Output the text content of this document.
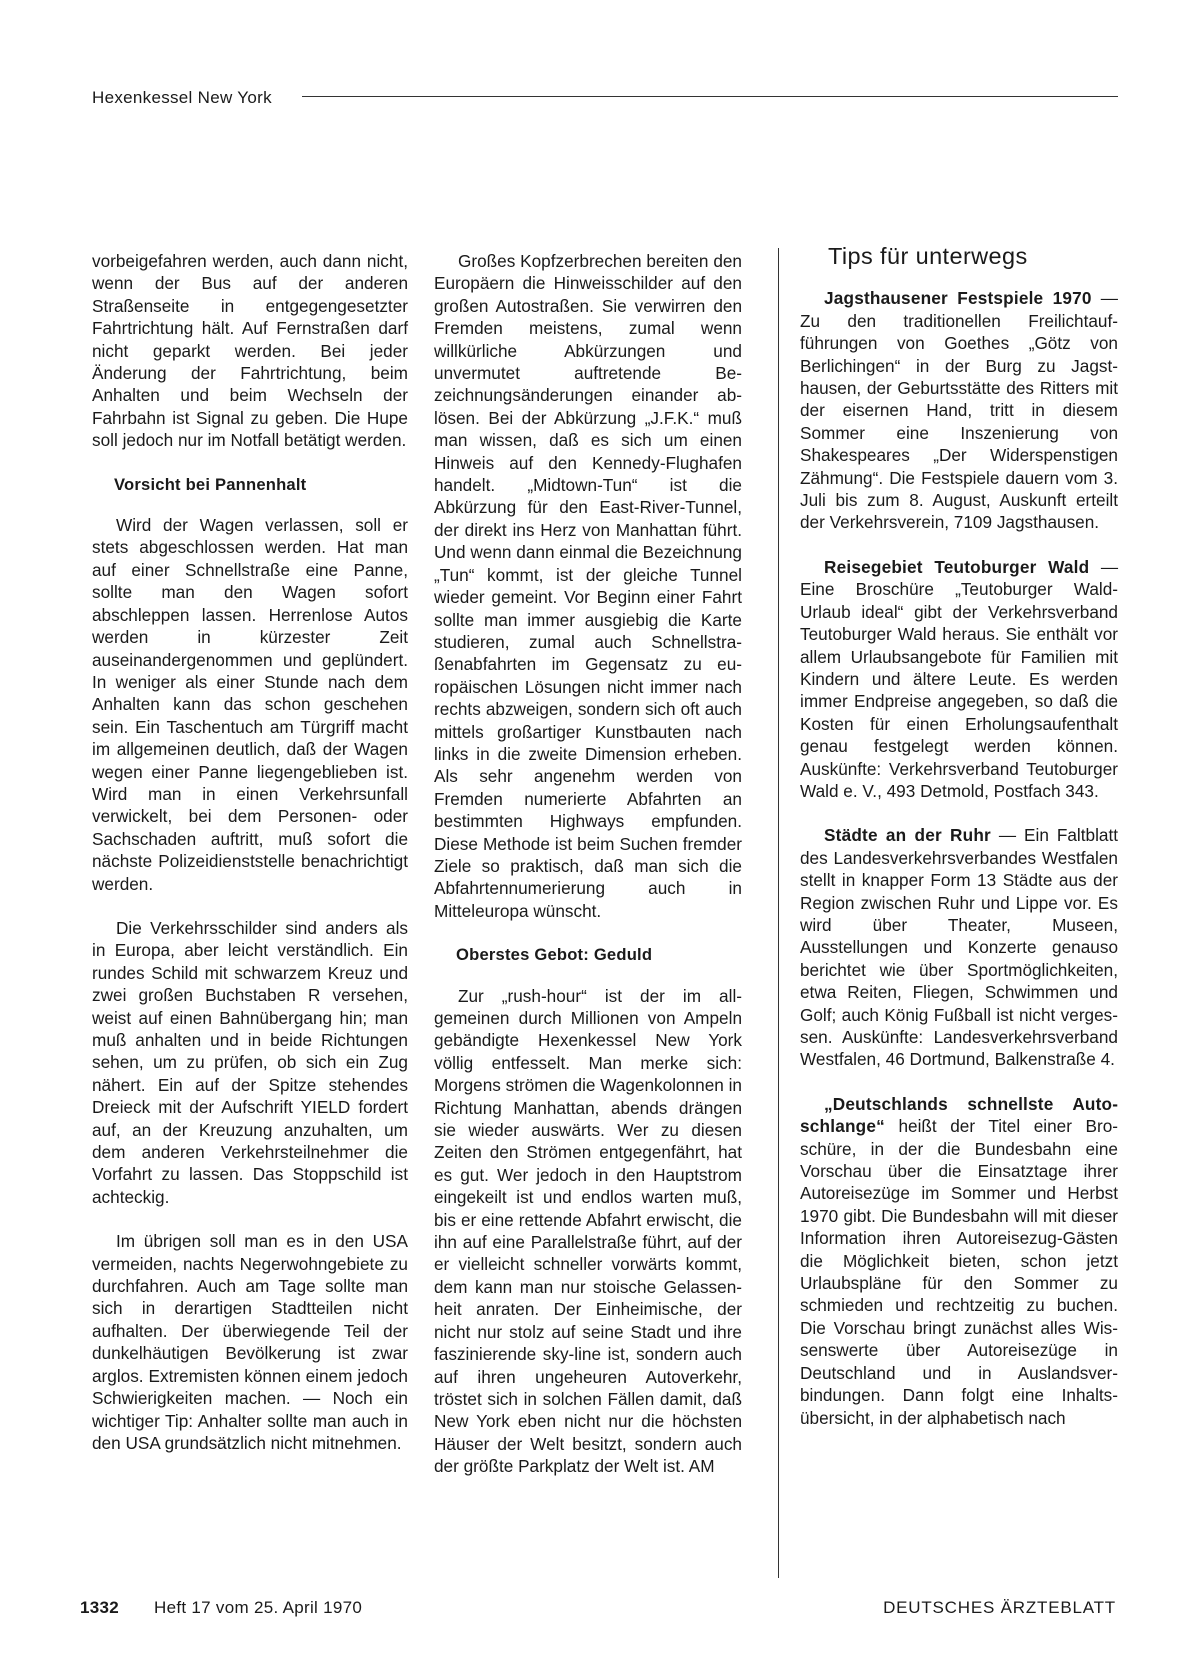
Hexenkessel New York

vorbeigefahren werden, auch dann nicht, wenn der Bus auf der anderen Straßenseite in entgegengesetzter Fahrtrichtung hält. Auf Fernstraßen darf nicht geparkt werden. Bei jeder Änderung der Fahrtrichtung, beim Anhalten und beim Wechseln der Fahrbahn ist Signal zu geben. Die Hupe soll jedoch nur im Notfall betätigt werden.

Vorsicht bei Pannenhalt

Wird der Wagen verlassen, soll er stets abgeschlossen werden. Hat man auf einer Schnellstraße eine Panne, sollte man den Wagen sofort abschleppen lassen. Herrenlose Autos werden in kürzester Zeit auseinandergenommen und geplündert. In weniger als einer Stunde nach dem Anhalten kann das schon geschehen sein. Ein Taschentuch am Türgriff macht im allgemeinen deutlich, daß der Wagen wegen einer Panne liegengeblieben ist. Wird man in einen Verkehrsunfall verwickelt, bei dem Personen- oder Sachschaden auftritt, muß sofort die nächste Polizeidienststelle benachrichtigt werden.

Die Verkehrsschilder sind anders als in Europa, aber leicht verständlich. Ein rundes Schild mit schwarzem Kreuz und zwei großen Buchstaben R versehen, weist auf einen Bahnübergang hin; man muß anhalten und in beide Richtungen sehen, um zu prüfen, ob sich ein Zug nähert. Ein auf der Spitze stehendes Dreieck mit der Aufschrift YIELD fordert auf, an der Kreuzung anzuhalten, um dem anderen Verkehrsteilnehmer die Vorfahrt zu lassen. Das Stoppschild ist achteckig.

Im übrigen soll man es in den USA vermeiden, nachts Negerwohngebiete zu durchfahren. Auch am Tage sollte man sich in derartigen Stadtteilen nicht aufhalten. Der überwiegende Teil der dunkelhäutigen Bevölkerung ist zwar arglos. Extremisten können einem jedoch Schwierigkeiten machen. — Noch ein wichtiger Tip: Anhalter sollte man auch in den USA grundsätzlich nicht mitnehmen.

Großes Kopfzerbrechen bereiten den Europäern die Hinweisschilder auf den großen Autostraßen. Sie verwirren den Fremden meistens, zumal wenn willkürliche Abkürzungen und unvermutet auftretende Bezeichnungsänderungen einander ablösen. Bei der Abkürzung „J.F.K.“ muß man wissen, daß es sich um einen Hinweis auf den Kennedy-Flughafen handelt. „Midtown-Tun“ ist die Abkürzung für den East-River-Tunnel, der direkt ins Herz von Manhattan führt. Und wenn dann einmal die Bezeichnung „Tun“ kommt, ist der gleiche Tunnel wieder gemeint. Vor Beginn einer Fahrt sollte man immer ausgiebig die Karte studieren, zumal auch Schnellstraßenabfahrten im Gegensatz zu europäischen Lösungen nicht immer nach rechts abzweigen, sondern sich oft auch mittels großartiger Kunstbauten nach links in die zweite Dimension erheben. Als sehr angenehm werden von Fremden numerierte Abfahrten an bestimmten Highways empfunden. Diese Methode ist beim Suchen fremder Ziele so praktisch, daß man sich die Abfahrtennumerierung auch in Mitteleuropa wünscht.

Oberstes Gebot: Geduld

Zur „rush-hour“ ist der im allgemeinen durch Millionen von Ampeln gebändigte Hexenkessel New York völlig entfesselt. Man merke sich: Morgens strömen die Wagenkolonnen in Richtung Manhattan, abends drängen sie wieder auswärts. Wer zu diesen Zeiten den Strömen entgegenfährt, hat es gut. Wer jedoch in den Hauptstrom eingekeilt ist und endlos warten muß, bis er eine rettende Abfahrt erwischt, die ihn auf eine Parallelstraße führt, auf der er vielleicht schneller vorwärts kommt, dem kann man nur stoische Gelassenheit anraten. Der Einheimische, der nicht nur stolz auf seine Stadt und ihre faszinierende sky-line ist, sondern auch auf ihren ungeheuren Autoverkehr, tröstet sich in solchen Fällen damit, daß New York eben nicht nur die höchsten Häuser der Welt besitzt, sondern auch der größte Parkplatz der Welt ist. AM

Tips für unterwegs

Jagsthausener Festspiele 1970 — Zu den traditionellen Freilichtaufführungen von Goethes „Götz von Berlichingen“ in der Burg zu Jagsthausen, der Geburtsstätte des Ritters mit der eisernen Hand, tritt in diesem Sommer eine Inszenierung von Shakespeares „Der Widerspenstigen Zähmung“. Die Festspiele dauern vom 3. Juli bis zum 8. August, Auskunft erteilt der Verkehrsverein, 7109 Jagsthausen.

Reisegebiet Teutoburger Wald — Eine Broschüre „Teutoburger Wald-Urlaub ideal“ gibt der Verkehrsverband Teutoburger Wald heraus. Sie enthält vor allem Urlaubsangebote für Familien mit Kindern und ältere Leute. Es werden immer Endpreise angegeben, so daß die Kosten für einen Erholungsaufenthalt genau festgelegt werden können. Auskünfte: Verkehrsverband Teutoburger Wald e. V., 493 Detmold, Postfach 343.

Städte an der Ruhr — Ein Faltblatt des Landesverkehrsverbandes Westfalen stellt in knapper Form 13 Städte aus der Region zwischen Ruhr und Lippe vor. Es wird über Theater, Museen, Ausstellungen und Konzerte genauso berichtet wie über Sportmöglichkeiten, etwa Reiten, Fliegen, Schwimmen und Golf; auch König Fußball ist nicht vergessen. Auskünfte: Landesverkehrsverband Westfalen, 46 Dortmund, Balkenstraße 4.

„Deutschlands schnellste Autoschlange“ heißt der Titel einer Broschüre, in der die Bundesbahn eine Vorschau über die Einsatztage ihrer Autoreisezüge im Sommer und Herbst 1970 gibt. Die Bundesbahn will mit dieser Information ihren Autoreisezug-Gästen die Möglichkeit bieten, schon jetzt Urlaubspläne für den Sommer zu schmieden und rechtzeitig zu buchen. Die Vorschau bringt zunächst alles Wissenswerte über Autoreisezüge in Deutschland und in Auslandsverbindungen. Dann folgt eine Inhaltsübersicht, in der alphabetisch nach

1332 Heft 17 vom 25. April 1970	DEUTSCHES ÄRZTEBLATT
